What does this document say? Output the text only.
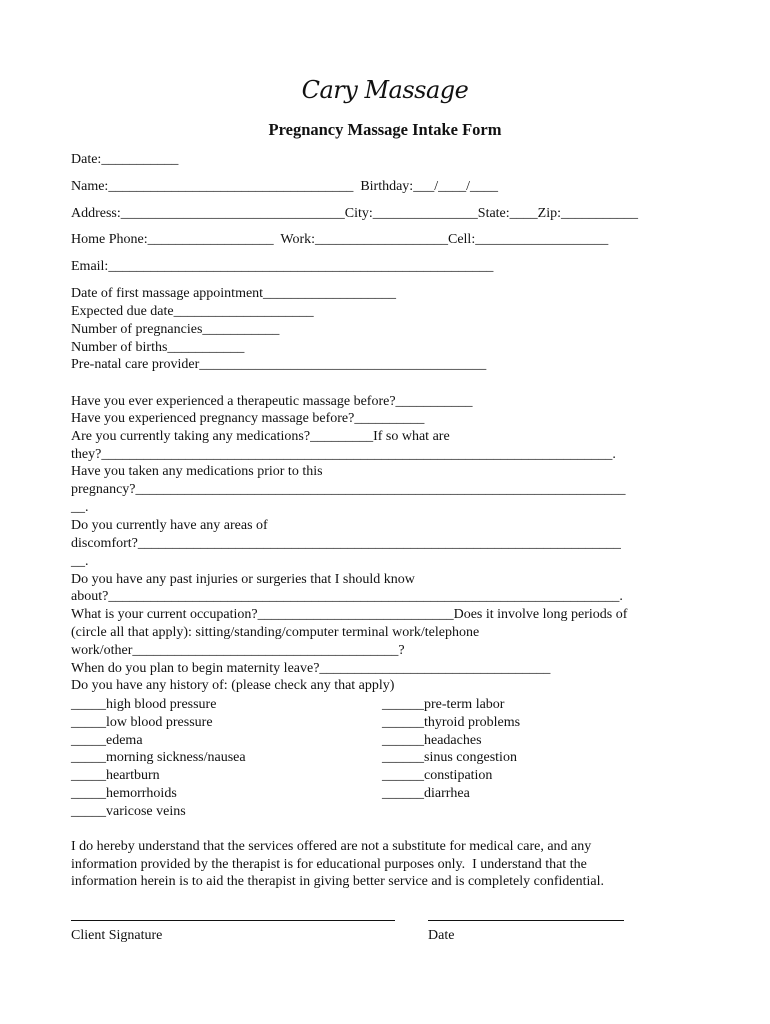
Cary Massage
Pregnancy Massage Intake Form
Date:___________
Name:___________________________________  Birthday:___/____/____
Address:________________________________City:_______________State:____Zip:___________
Home Phone:__________________  Work:___________________Cell:___________________
Email:_______________________________________________________
Date of first massage appointment___________________
Expected due date____________________
Number of pregnancies___________
Number of births___________
Pre-natal care provider_________________________________________
Have you ever experienced a therapeutic massage before?___________
Have you experienced pregnancy massage before?__________
Are you currently taking any medications?_________If so what are
they?_________________________________________________________________________.
Have you taken any medications prior to this
pregnancy?______________________________________________________________________
__.
Do you currently have any areas of
discomfort?_____________________________________________________________________
__.
Do you have any past injuries or surgeries that I should know
about?_________________________________________________________________________.
What is your current occupation?____________________________Does it involve long periods of
(circle all that apply): sitting/standing/computer terminal work/telephone
work/other______________________________________?
When do you plan to begin maternity leave?_________________________________
Do you have any history of: (please check any that apply)
_____high blood pressure
_____low blood pressure
_____edema
_____morning sickness/nausea
_____heartburn
_____hemorrhoids
_____varicose veins
______pre-term labor
______thyroid problems
______headaches
______sinus congestion
______constipation
______diarrhea
I do hereby understand that the services offered are not a substitute for medical care, and any
information provided by the therapist is for educational purposes only.  I understand that the
information herein is to aid the therapist in giving better service and is completely confidential.
Client Signature	Date
